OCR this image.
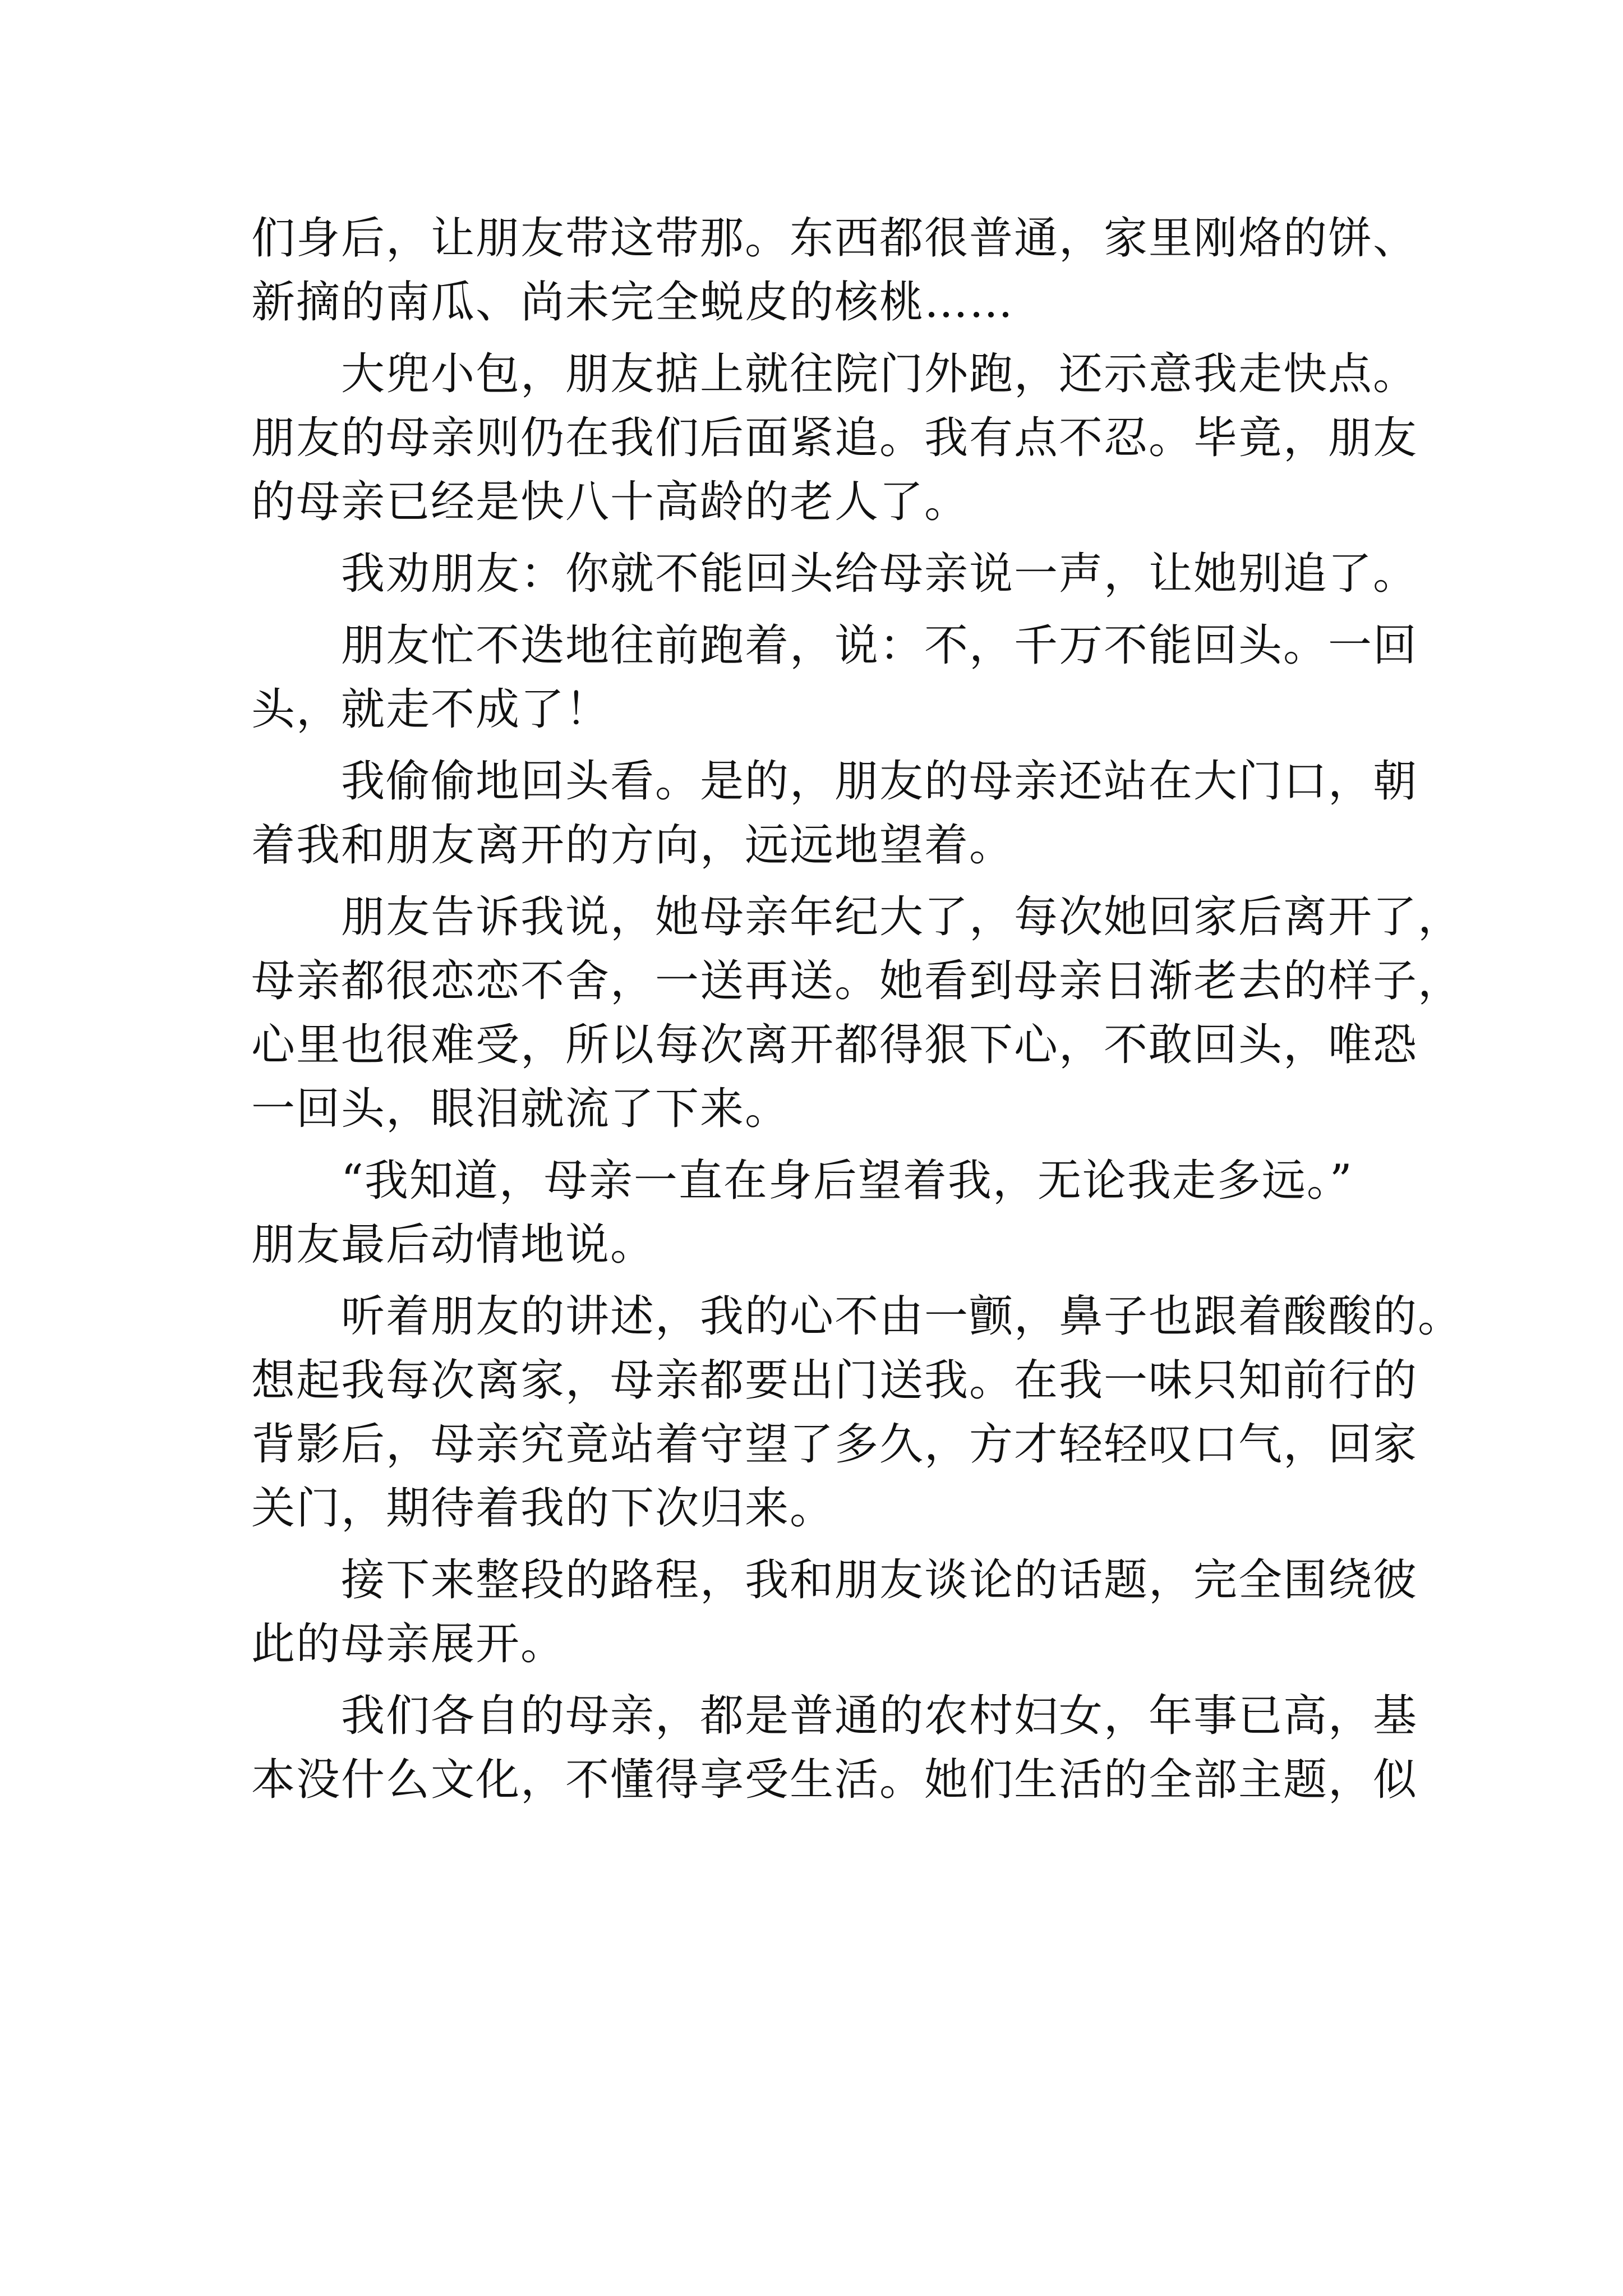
们身后，让朋友带这带那。东西都很普通，家里刚烙的饼、
新摘的南瓜、尚未完全蜕皮的核桃……
　　大兜小包，朋友掂上就往院门外跑，还示意我走快点。
朋友的母亲则仍在我们后面紧追。我有点不忍。毕竟，朋友
的母亲已经是快八十高龄的老人了。
　　我劝朋友：你就不能回头给母亲说一声，让她别追了。
　　朋友忙不迭地往前跑着，说：不，千万不能回头。一回
头，就走不成了！
　　我偷偷地回头看。是的，朋友的母亲还站在大门口，朝
着我和朋友离开的方向，远远地望着。
　　朋友告诉我说，她母亲年纪大了，每次她回家后离开了，
母亲都很恋恋不舍，一送再送。她看到母亲日渐老去的样子，
心里也很难受，所以每次离开都得狠下心，不敢回头，唯恐
一回头，眼泪就流了下来。
　　“我知道，母亲一直在身后望着我，无论我走多远。”
朋友最后动情地说。
　　听着朋友的讲述，我的心不由一颤，鼻子也跟着酸酸的。
想起我每次离家，母亲都要出门送我。在我一味只知前行的
背影后，母亲究竟站着守望了多久，方才轻轻叹口气，回家
关门，期待着我的下次归来。
　　接下来整段的路程，我和朋友谈论的话题，完全围绕彼
此的母亲展开。
　　我们各自的母亲，都是普通的农村妇女，年事已高，基
本没什么文化，不懂得享受生活。她们生活的全部主题，似
